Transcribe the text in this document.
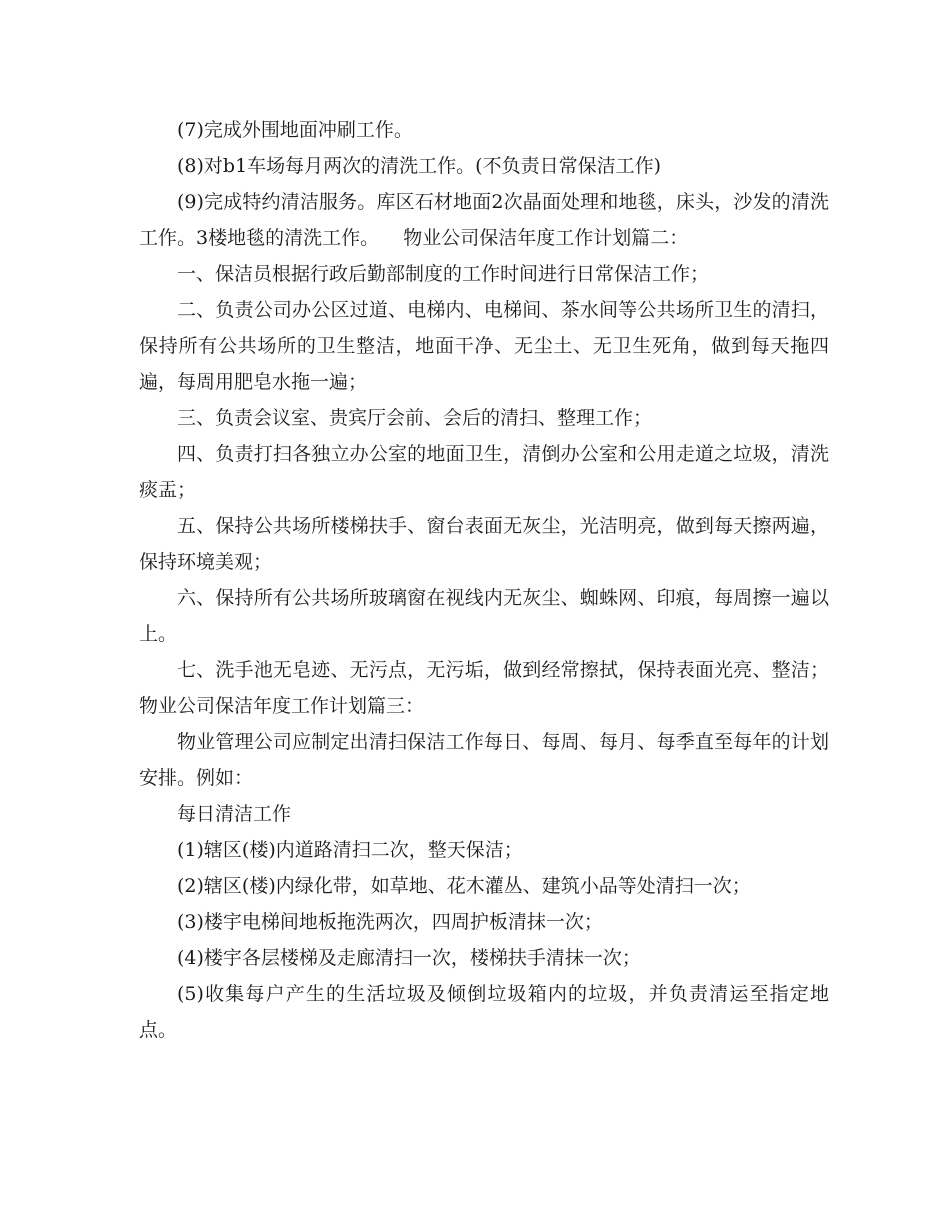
(7)完成外围地面冲刷工作。

(8)对b1车场每月两次的清洗工作。(不负责日常保洁工作)

(9)完成特约清洁服务。库区石材地面2次晶面处理和地毯，床头，沙发的清洗工作。3楼地毯的清洗工作。    物业公司保洁年度工作计划篇二：

一、保洁员根据行政后勤部制度的工作时间进行日常保洁工作；

二、负责公司办公区过道、电梯内、电梯间、茶水间等公共场所卫生的清扫，保持所有公共场所的卫生整洁，地面干净、无尘土、无卫生死角，做到每天拖四遍，每周用肥皂水拖一遍；

三、负责会议室、贵宾厅会前、会后的清扫、整理工作；

四、负责打扫各独立办公室的地面卫生，清倒办公室和公用走道之垃圾，清洗痰盂；

五、保持公共场所楼梯扶手、窗台表面无灰尘，光洁明亮，做到每天擦两遍，保持环境美观；

六、保持所有公共场所玻璃窗在视线内无灰尘、蜘蛛网、印痕，每周擦一遍以上。

七、洗手池无皂迹、无污点，无污垢，做到经常擦拭，保持表面光亮、整洁；    物业公司保洁年度工作计划篇三：

物业管理公司应制定出清扫保洁工作每日、每周、每月、每季直至每年的计划安排。例如：

每日清洁工作

(1)辖区(楼)内道路清扫二次，整天保洁；

(2)辖区(楼)内绿化带，如草地、花木灌丛、建筑小品等处清扫一次；

(3)楼宇电梯间地板拖洗两次，四周护板清抹一次；

(4)楼宇各层楼梯及走廊清扫一次，楼梯扶手清抹一次；

(5)收集每户产生的生活垃圾及倾倒垃圾箱内的垃圾，并负责清运至指定地点。
